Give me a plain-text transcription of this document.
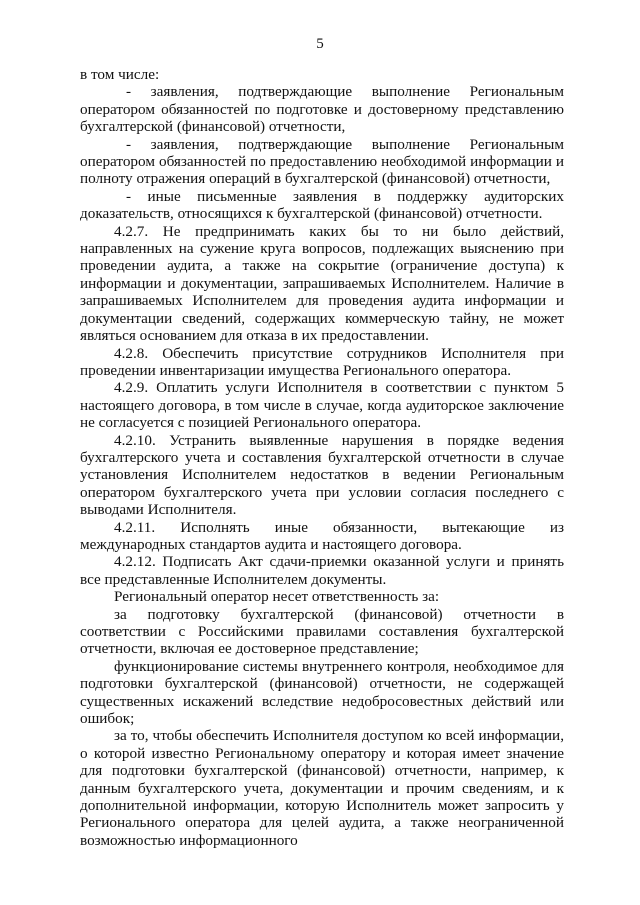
5

в том числе:

- заявления, подтверждающие выполнение Региональным оператором обязанностей по подготовке и достоверному представлению бухгалтерской (финансовой) отчетности,

- заявления, подтверждающие выполнение Региональным оператором обязанностей по предоставлению необходимой информации и полноту отражения операций в бухгалтерской (финансовой) отчетности,

- иные письменные заявления в поддержку аудиторских доказательств, относящихся к бухгалтерской (финансовой) отчетности.

4.2.7. Не предпринимать каких бы то ни было действий, направленных на сужение круга вопросов, подлежащих выяснению при проведении аудита, а также на сокрытие (ограничение доступа) к информации и документации, запрашиваемых Исполнителем. Наличие в запрашиваемых Исполнителем для проведения аудита информации и документации сведений, содержащих коммерческую тайну, не может являться основанием для отказа в их предоставлении.

4.2.8. Обеспечить присутствие сотрудников Исполнителя при проведении инвентаризации имущества Регионального оператора.

4.2.9. Оплатить услуги Исполнителя в соответствии с пунктом 5 настоящего договора, в том числе в случае, когда аудиторское заключение не согласуется с позицией Регионального оператора.

4.2.10. Устранить выявленные нарушения в порядке ведения бухгалтерского учета и составления бухгалтерской отчетности в случае установления Исполнителем недостатков в ведении Региональным оператором бухгалтерского учета при условии согласия последнего с выводами Исполнителя.

4.2.11. Исполнять иные обязанности, вытекающие из международных стандартов аудита и настоящего договора.

4.2.12. Подписать Акт сдачи-приемки оказанной услуги и принять все представленные Исполнителем документы.

Региональный оператор несет ответственность за:

за подготовку бухгалтерской (финансовой) отчетности в соответствии с Российскими правилами составления бухгалтерской отчетности, включая ее достоверное представление;

функционирование системы внутреннего контроля, необходимое для подготовки бухгалтерской (финансовой) отчетности, не содержащей существенных искажений вследствие недобросовестных действий или ошибок;

за то, чтобы обеспечить Исполнителя доступом ко всей информации, о которой известно Региональному оператору и которая имеет значение для подготовки бухгалтерской (финансовой) отчетности, например, к данным бухгалтерского учета, документации и прочим сведениям, и к дополнительной информации, которую Исполнитель может запросить у Регионального оператора для целей аудита, а также неограниченной возможностью информационного
